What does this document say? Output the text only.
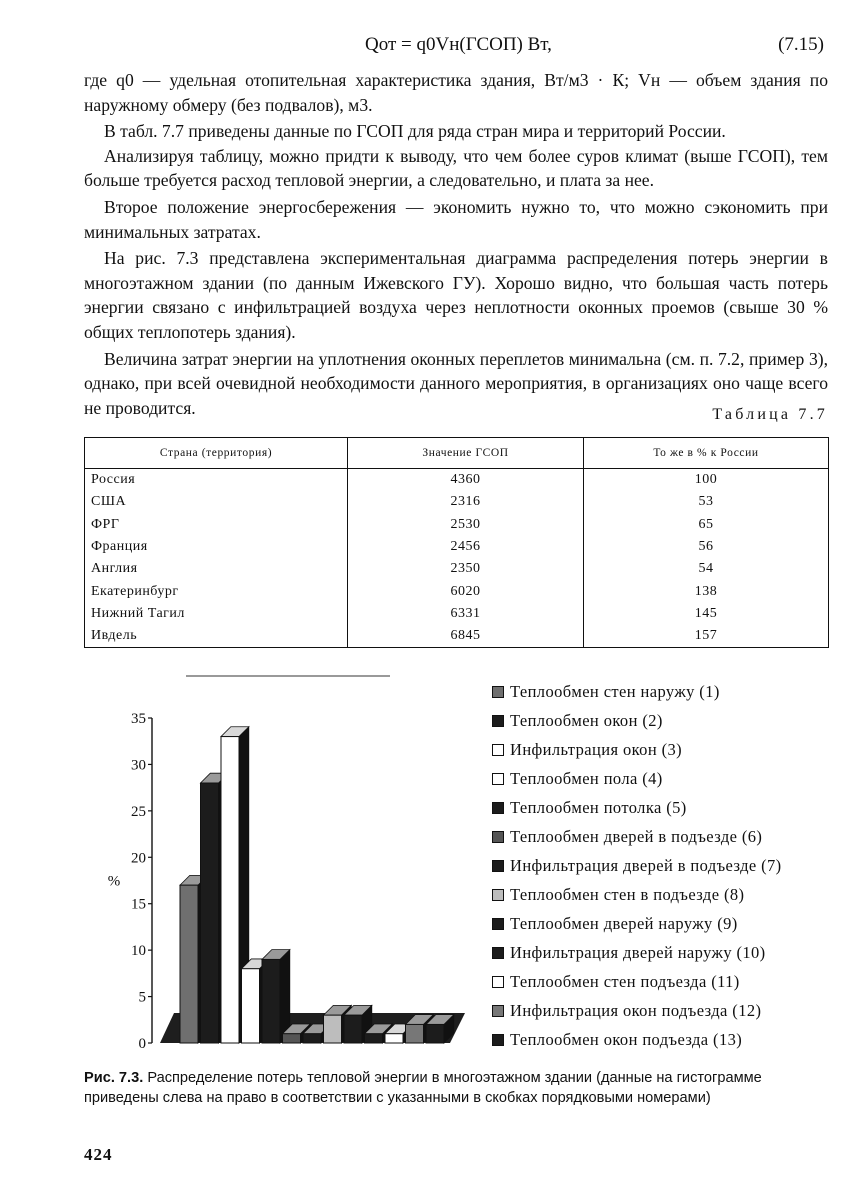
Qот = q0Vн(ГСОП) Вт,	(7.15)

где q0 — удельная отопительная характеристика здания, Вт/м3 · К; Vн — объем здания по наружному обмеру (без подвалов), м3.

В табл. 7.7 приведены данные по ГСОП для ряда стран мира и территорий России.

Анализируя таблицу, можно придти к выводу, что чем более суров климат (выше ГСОП), тем больше требуется расход тепловой энергии, а следовательно, и плата за нее.

Второе положение энергосбережения — экономить нужно то, что можно сэкономить при минимальных затратах.

На рис. 7.3 представлена экспериментальная диаграмма распределения потерь энергии в многоэтажном здании (по данным Ижевского ГУ). Хорошо видно, что большая часть потерь энергии связано с инфильтрацией воздуха через неплотности оконных проемов (свыше 30 % общих теплопотерь здания).

Величина затрат энергии на уплотнения оконных переплетов минимальна (см. п. 7.2, пример 3), однако, при всей очевидной необходимости данного мероприятия, в организациях оно чаще всего не проводится.	Таблица 7.7
Страна (территория)	Значение ГСОП	То же в % к России
Россия	4360	100
США	2316	53
ФРГ	2530	65
Франция	2456	56
Англия	2350	54
Екатеринбург	6020	138
Нижний Тагил	6331	145
Ивдель	6845	157
0
5
10
15
20
25
30
35
%
Теплообмен стен наружу (1)
Теплообмен окон (2)
Инфильтрация окон (3)
Теплообмен пола (4)
Теплообмен потолка (5)
Теплообмен дверей в подъезде (6)
Инфильтрация дверей в подъезде (7)
Теплообмен стен в подъезде (8)
Теплообмен дверей наружу (9)
Инфильтрация дверей наружу (10)
Теплообмен стен подъезда (11)
Инфильтрация окон подъезда (12)
Теплообмен окон подъезда (13)
Рис. 7.3. Распределение потерь тепловой энергии в многоэтажном здании (данные на гистограмме приведены слева на право в соответствии с указанными в скобках порядковыми номерами)
424
